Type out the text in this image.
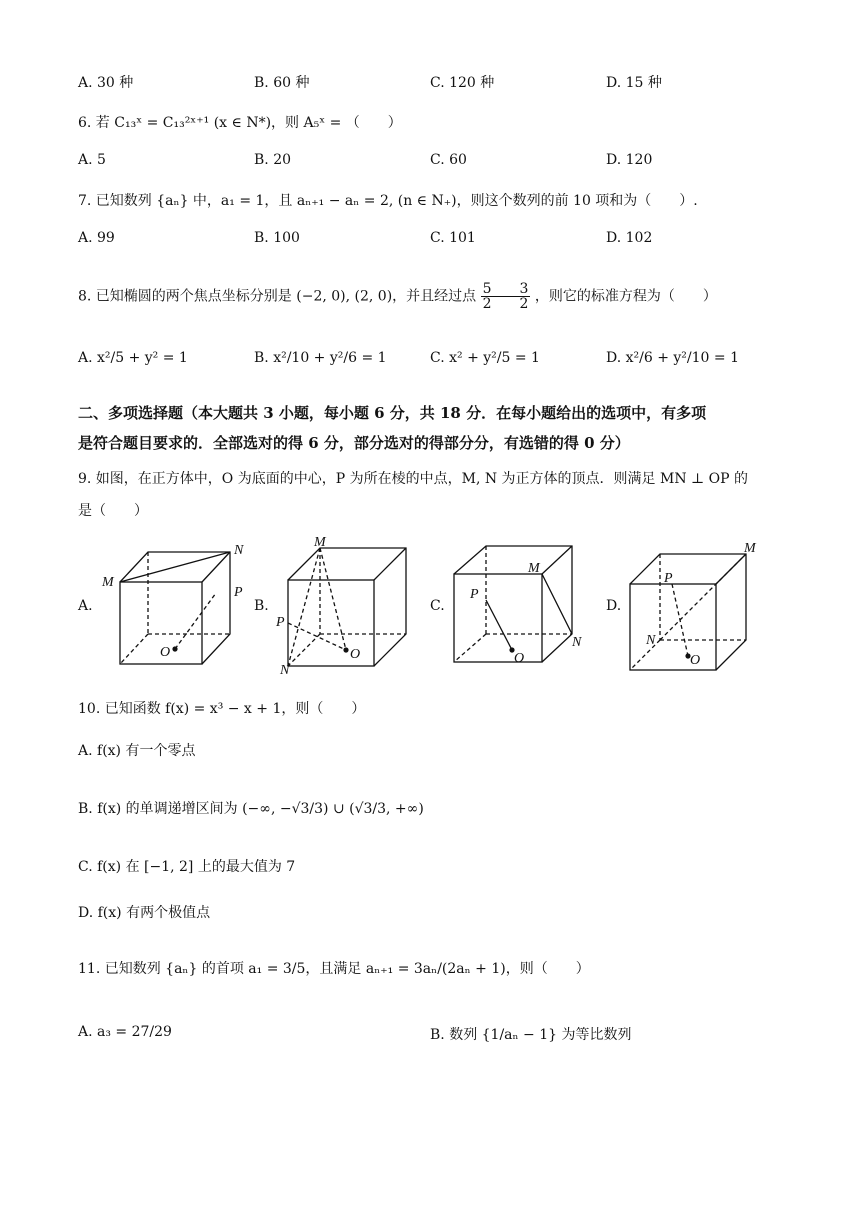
A. 30 种	B. 60 种	C. 120 种	D. 15 种
6. 若 C₁₃ˣ = C₁₃²ˣ⁺¹ (x ∈ N*)，则 A₅ˣ = （　　）
A. 5	B. 20	C. 60	D. 120
7. 已知数列 {aₙ} 中，a₁ = 1，且 aₙ₊₁ − aₙ = 2, (n ∈ N₊)，则这个数列的前 10 项和为（　　）.
A. 99	B. 100	C. 101	D. 102
8. 已知椭圆的两个焦点坐标分别是 (−2, 0), (2, 0)，并且经过点 $\frac{5 3}{2 2}$ ，则它的标准方程为（　　）
A. x²/5 + y² = 1	B. x²/10 + y²/6 = 1	C. x² + y²/5 = 1	D. x²/6 + y²/10 = 1
二、多项选择题（本大题共 3 小题，每小题 6 分，共 18 分．在每小题给出的选项中，有多项
是符合题目要求的．全部选对的得 6 分，部分选对的得部分分，有选错的得 0 分）
9. 如图，在正方体中，O 为底面的中心，P 为所在棱的中点，M, N 为正方体的顶点．则满足 MN ⊥ OP 的
是（　　）
A.
M
N
P
O
B.
M
N
P
O
C.
M
N
P
O
D.
M
N
P
O
10. 已知函数 f(x) = x³ − x + 1，则（　　）
A. f(x) 有一个零点
B. f(x) 的单调递增区间为 (−∞, −√3/3) ∪ (√3/3, +∞)
C. f(x) 在 [−1, 2] 上的最大值为 7
D. f(x) 有两个极值点
11. 已知数列 {aₙ} 的首项 a₁ = 3/5，且满足 aₙ₊₁ = 3aₙ/(2aₙ + 1)，则（　　）
A. a₃ = 27/29	B. 数列 {1/aₙ − 1} 为等比数列
